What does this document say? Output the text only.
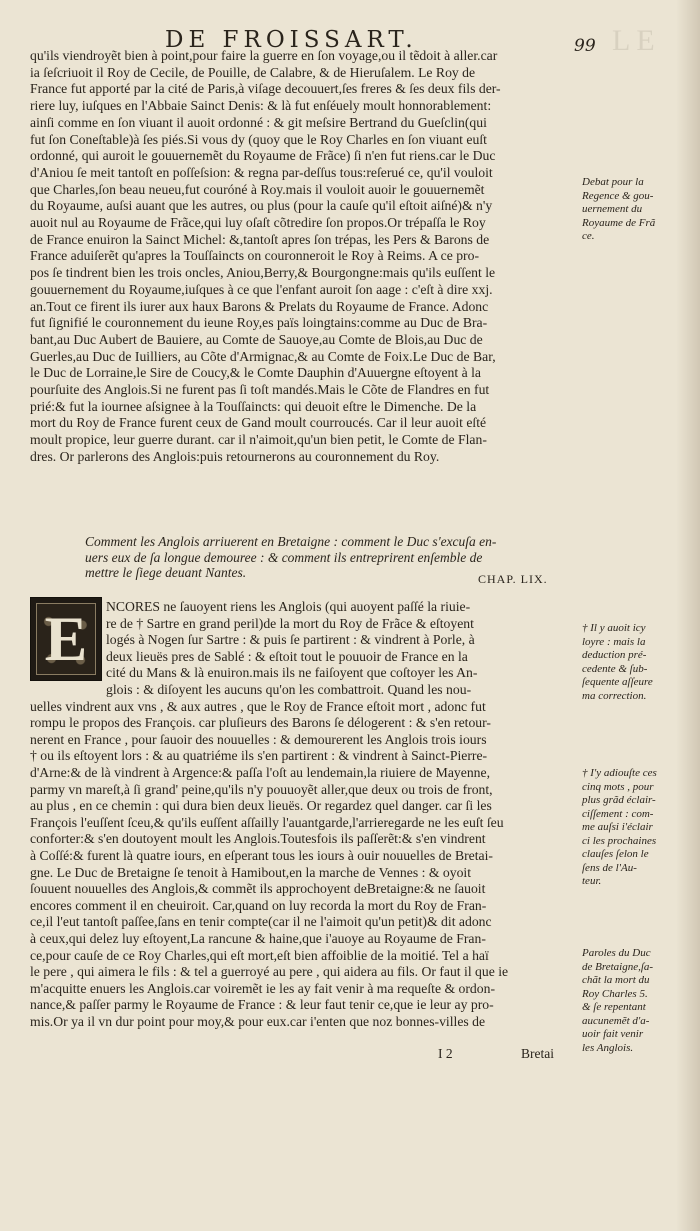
LE
DE FROISSART.	99
qu'ils viendroyẽt bien à point,pour faire la guerre en ſon voyage,ou il tẽdoit à aller.car
ia ſeſcriuoit il Roy de Cecile, de Pouille, de Calabre, & de Hieruſalem. Le Roy de
France fut apporté par la cité de Paris,à viſage decouuert,ſes freres & ſes deux fils der-
riere luy, iuſques en l'Abbaie Sainct Denis: & là fut enſéuely moult honnorablement:
ainſi comme en ſon viuant il auoit ordonné : & git meſsire Bertrand du Gueſclin(qui
fut ſon Coneſtable)à ſes piés.Si vous dy (quoy que le Roy Charles en ſon viuant euſt
ordonné, qui auroit le gouuernemẽt du Royaume de Frãce) ſi n'en fut riens.car le Duc
d'Aniou ſe meit tantoſt en poſſeſsion: & regna par-deſſus tous:reſerué ce, qu'il vouloit
que Charles,ſon beau neueu,fut couróné à Roy.mais il vouloit auoir le gouuernemẽt
du Royaume, auſsi auant que les autres, ou plus (pour la cauſe qu'il eſtoit aiſné)& n'y
auoit nul au Royaume de Frãce,qui luy oſaſt cõtredire ſon propos.Or trépaſſa le Roy
de France enuiron la Sainct Michel: &,tantoſt apres ſon trépas, les Pers & Barons de
France aduiſerẽt qu'apres la Touſſaincts on couronneroit le Roy à Reims. A ce pro-
pos ſe tindrent bien les trois oncles, Aniou,Berry,& Bourgongne:mais qu'ils euſſent le
gouuernement du Royaume,iuſques à ce que l'enfant auroit ſon aage : c'eſt à dire xxj.
an.Tout ce firent ils iurer aux haux Barons & Prelats du Royaume de France. Adonc
fut ſignifié le couronnement du ieune Roy,es païs loingtains:comme au Duc de Bra-
bant,au Duc Aubert de Bauiere, au Comte de Sauoye,au Comte de Blois,au Duc de
Guerles,au Duc de Iuilliers, au Cõte d'Armignac,& au Comte de Foix.Le Duc de Bar,
le Duc de Lorraine,le Sire de Coucy,& le Comte Dauphin d'Auuergne eſtoyent à la
pourſuite des Anglois.Si ne furent pas ſi toſt mandés.Mais le Cõte de Flandres en fut
prié:& fut la iournee aſsignee à la Touſſaincts: qui deuoit eſtre le Dimenche. De la
mort du Roy de France furent ceux de Gand moult courroucés. Car il leur auoit eſté
moult propice, leur guerre durant. car il n'aimoit,qu'un bien petit, le Comte de Flan-
dres. Or parlerons des Anglois:puis retournerons au couronnement du Roy.
Comment les Anglois arriuerent en Bretaigne : comment le Duc s'excuſa en-
uers eux de ſa longue demouree : & comment ils entreprirent enſemble de
mettre le ſiege deuant Nantes.	CHAP. LIX.
E	NCORES ne ſauoyent riens les Anglois (qui auoyent paſſé la riuie-
re de † Sartre en grand peril)de la mort du Roy de Frãce & eſtoyent
logés à Nogen ſur Sartre : & puis ſe partirent : & vindrent à Porle, à
deux lieuës pres de Sablé : & eſtoit tout le pouuoir de France en la
cité du Mans & là enuiron.mais ils ne faiſoyent que coſtoyer les An-
glois : & diſoyent les aucuns qu'on les combattroit. Quand les nou-
uelles vindrent aux vns , & aux autres , que le Roy de France eſtoit mort , adonc fut
rompu le propos des François. car pluſieurs des Barons ſe délogerent : & s'en retour-
nerent en France , pour ſauoir des nouuelles : & demourerent les Anglois trois iours
† ou ils eſtoyent lors : & au quatriéme ils s'en partirent : & vindrent à Sainct-Pierre-
d'Arne:& de là vindrent à Argence:& paſſa l'oſt au lendemain,la riuiere de Mayenne,
parmy vn mareſt,à ſi grand' peine,qu'ils n'y pouuoyẽt aller,que deux ou trois de front,
au plus , en ce chemin : qui dura bien deux lieuës. Or regardez quel danger. car ſi les
François l'euſſent ſceu,& qu'ils euſſent aſſailly l'auantgarde,l'arrieregarde ne les euſt ſeu
conforter:& s'en doutoyent moult les Anglois.Toutesfois ils paſſerẽt:& s'en vindrent
à Coſſé:& furent là quatre iours, en eſperant tous les iours à ouir nouuelles de Bretai-
gne. Le Duc de Bretaigne ſe tenoit à Hamibout,en la marche de Vennes : & oyoit
ſouuent nouuelles des Anglois,& commẽt ils approchoyent deBretaigne:& ne ſauoit
encores comment il en cheuiroit. Car,quand on luy recorda la mort du Roy de Fran-
ce,il l'eut tantoſt paſſee,ſans en tenir compte(car il ne l'aimoit qu'un petit)& dit adonc
à ceux,qui delez luy eſtoyent,La rancune & haine,que i'auoye au Royaume de Fran-
ce,pour cauſe de ce Roy Charles,qui eſt mort,eſt bien affoiblie de la moitié. Tel a haï
le pere , qui aimera le fils : & tel a guerroyé au pere , qui aidera au fils. Or faut il que ie
m'acquitte enuers les Anglois.car voiremẽt ie les ay fait venir à ma requeſte & ordon-
nance,& paſſer parmy le Royaume de France : & leur faut tenir ce,que ie leur ay pro-
mis.Or ya il vn dur point pour moy,& pour eux.car i'enten que noz bonnes-villes de
Debat pour la
Regence & gou-
uernement du
Royaume de Frã
ce.
† Il y auoit icy
loyre : mais la
deduction pré-
cedente & ſub-
ſequente aſſeure
ma correction.
† I'y adiouſte ces
cinq mots , pour
plus grãd éclair-
ciſſement : com-
me auſsi i'éclair
ci les prochaines
clauſes ſelon le
ſens de l'Au-
teur.
Paroles du Duc
de Bretaigne,ſa-
chãt la mort du
Roy Charles 5.
& ſe repentant
aucunemẽt d'a-
uoir fait venir
les Anglois.
I 2	Bretai
